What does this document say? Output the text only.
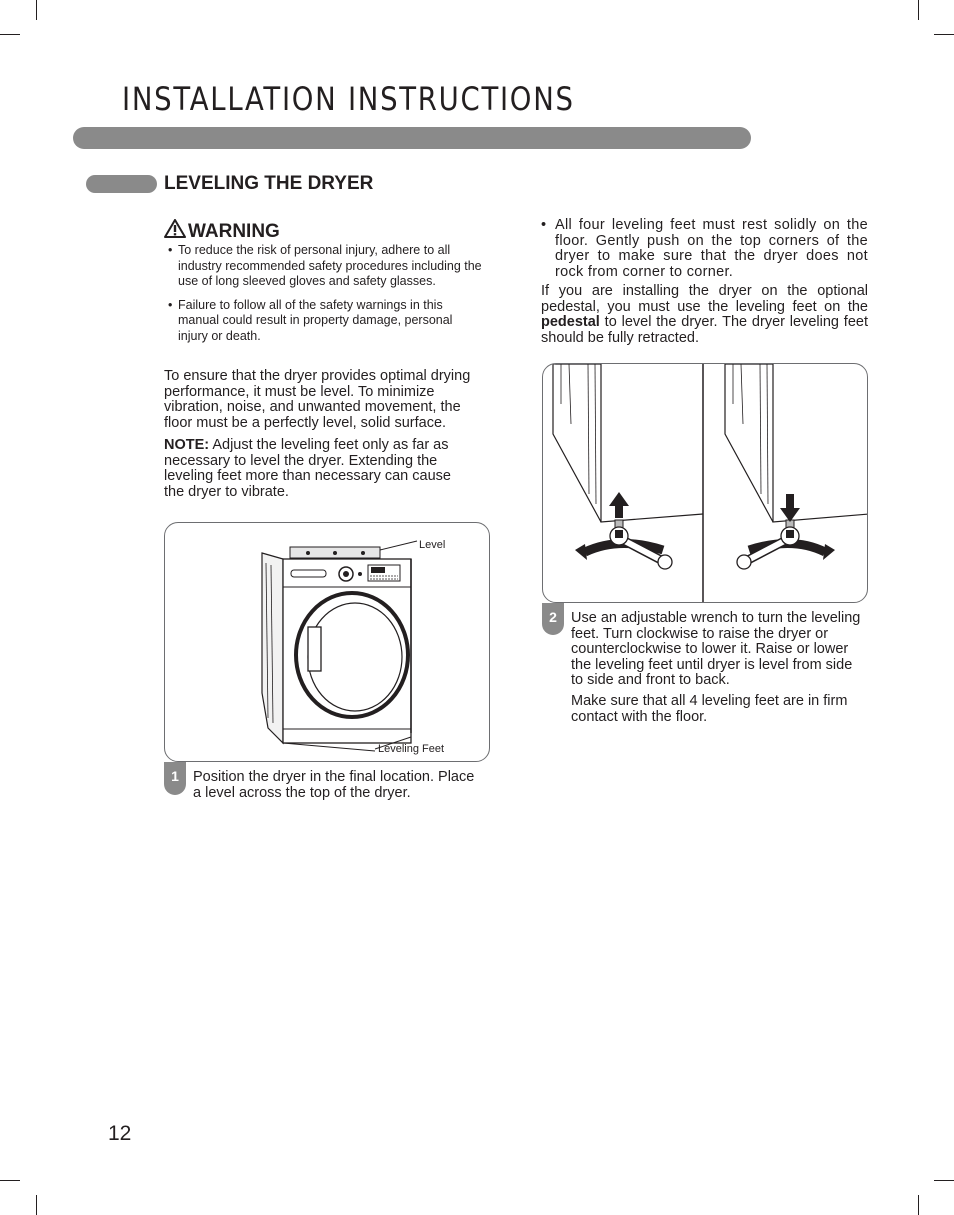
INSTALLATION INSTRUCTIONS
LEVELING THE DRYER
WARNING
• To reduce the risk of personal injury, adhere to all industry recommended safety procedures including the use of long sleeved gloves and safety glasses.
• Failure to follow all of the safety warnings in this manual could result in property damage, personal injury or death.

To ensure that the dryer provides optimal drying performance, it must be level. To minimize vibration, noise, and unwanted movement, the floor must be a perfectly level, solid surface.

NOTE: Adjust the leveling feet only as far as necessary to level the dryer. Extending the leveling feet more than necessary can cause the dryer to vibrate.

Level
Leveling Feet
1 Position the dryer in the final location. Place a level across the top of the dryer.

• All four leveling feet must rest solidly on the floor. Gently push on the top corners of the dryer to make sure that the dryer does not rock from corner to corner.

If you are installing the dryer on the optional pedestal, you must use the leveling feet on the pedestal to level the dryer. The dryer leveling feet should be fully retracted.

2 Use an adjustable wrench to turn the leveling feet. Turn clockwise to raise the dryer or counterclockwise to lower it. Raise or lower the leveling feet until dryer is level from side to side and front to back.

Make sure that all 4 leveling feet are in firm contact with the floor.

12
